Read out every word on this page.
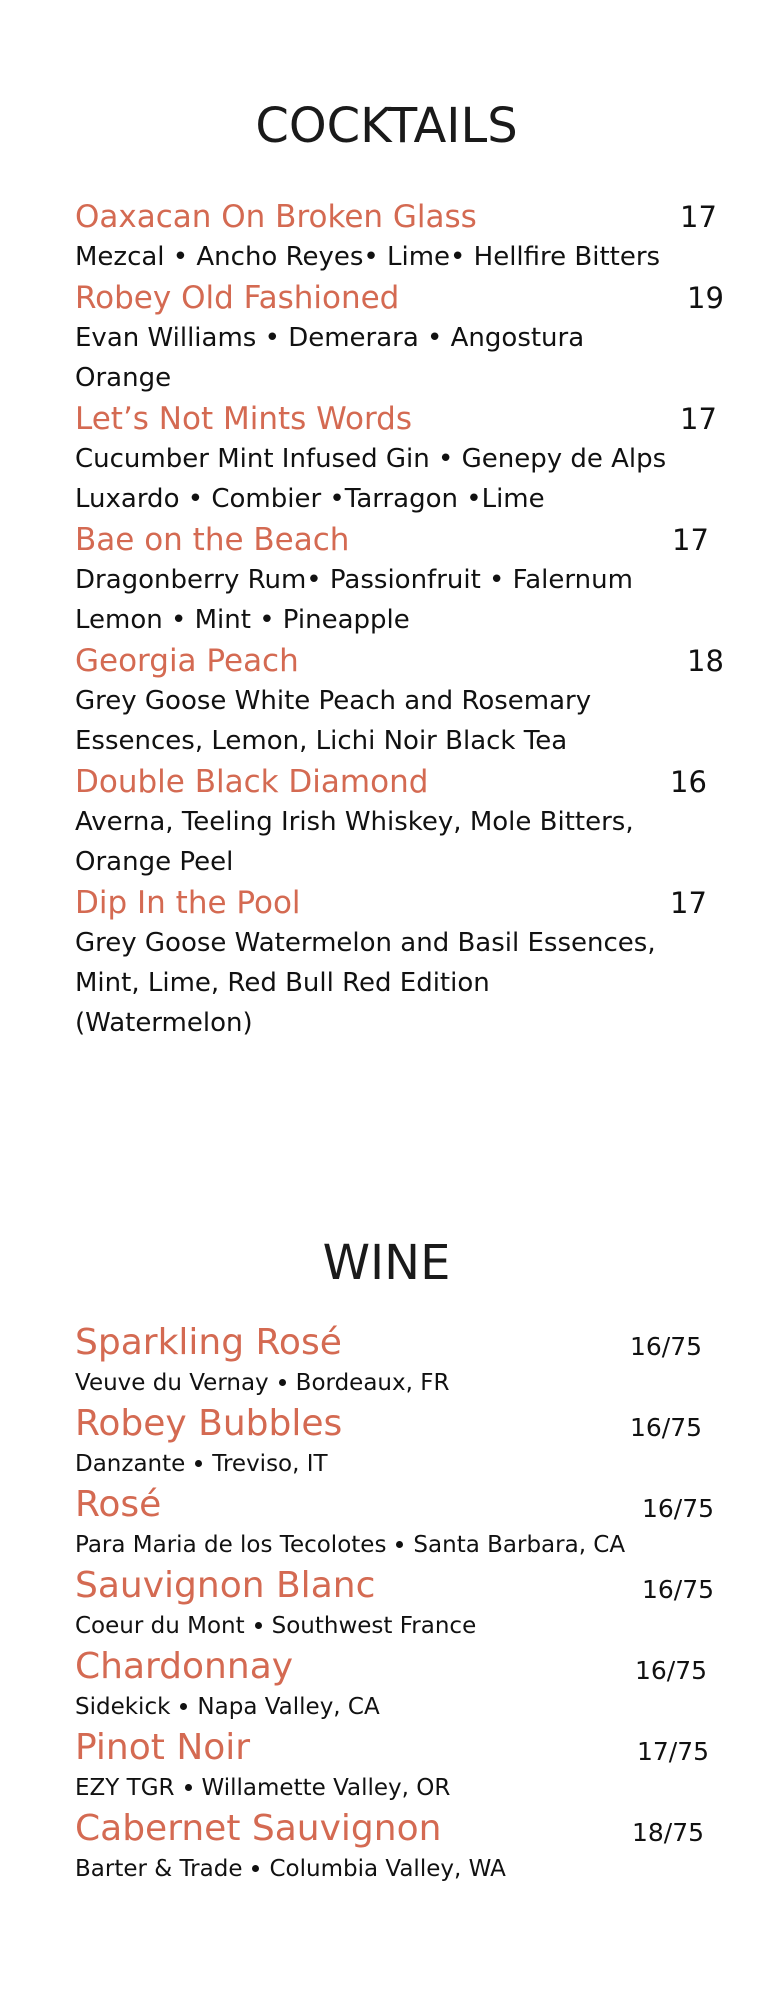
COCKTAILS
Oaxacan On Broken Glass	17
Mezcal • Ancho Reyes• Lime• Hellfire Bitters
Robey Old Fashioned	19
Evan Williams • Demerara • Angostura
Orange
Let’s Not Mints Words	17
Cucumber Mint Infused Gin • Genepy de Alps
Luxardo • Combier •Tarragon •Lime
Bae on the Beach	17
Dragonberry Rum• Passionfruit • Falernum
Lemon • Mint • Pineapple
Georgia Peach	18
Grey Goose White Peach and Rosemary
Essences, Lemon, Lichi Noir Black Tea
Double Black Diamond	16
Averna, Teeling Irish Whiskey, Mole Bitters,
Orange Peel
Dip In the Pool	17
Grey Goose Watermelon and Basil Essences,
Mint, Lime, Red Bull Red Edition
(Watermelon)
WINE
Sparkling Rosé	16/75
Veuve du Vernay Bordeaux, FR
Robey Bubbles	16/75
Danzante Treviso, IT
Rosé	16/75
Para Maria de los Tecolotes Santa Barbara, CA
Sauvignon Blanc	16/75
Coeur du Mont Southwest France
Chardonnay	16/75
Sidekick Napa Valley, CA
Pinot Noir	17/75
EZY TGR Willamette Valley, OR
Cabernet Sauvignon	18/75
Barter & Trade Columbia Valley, WA
